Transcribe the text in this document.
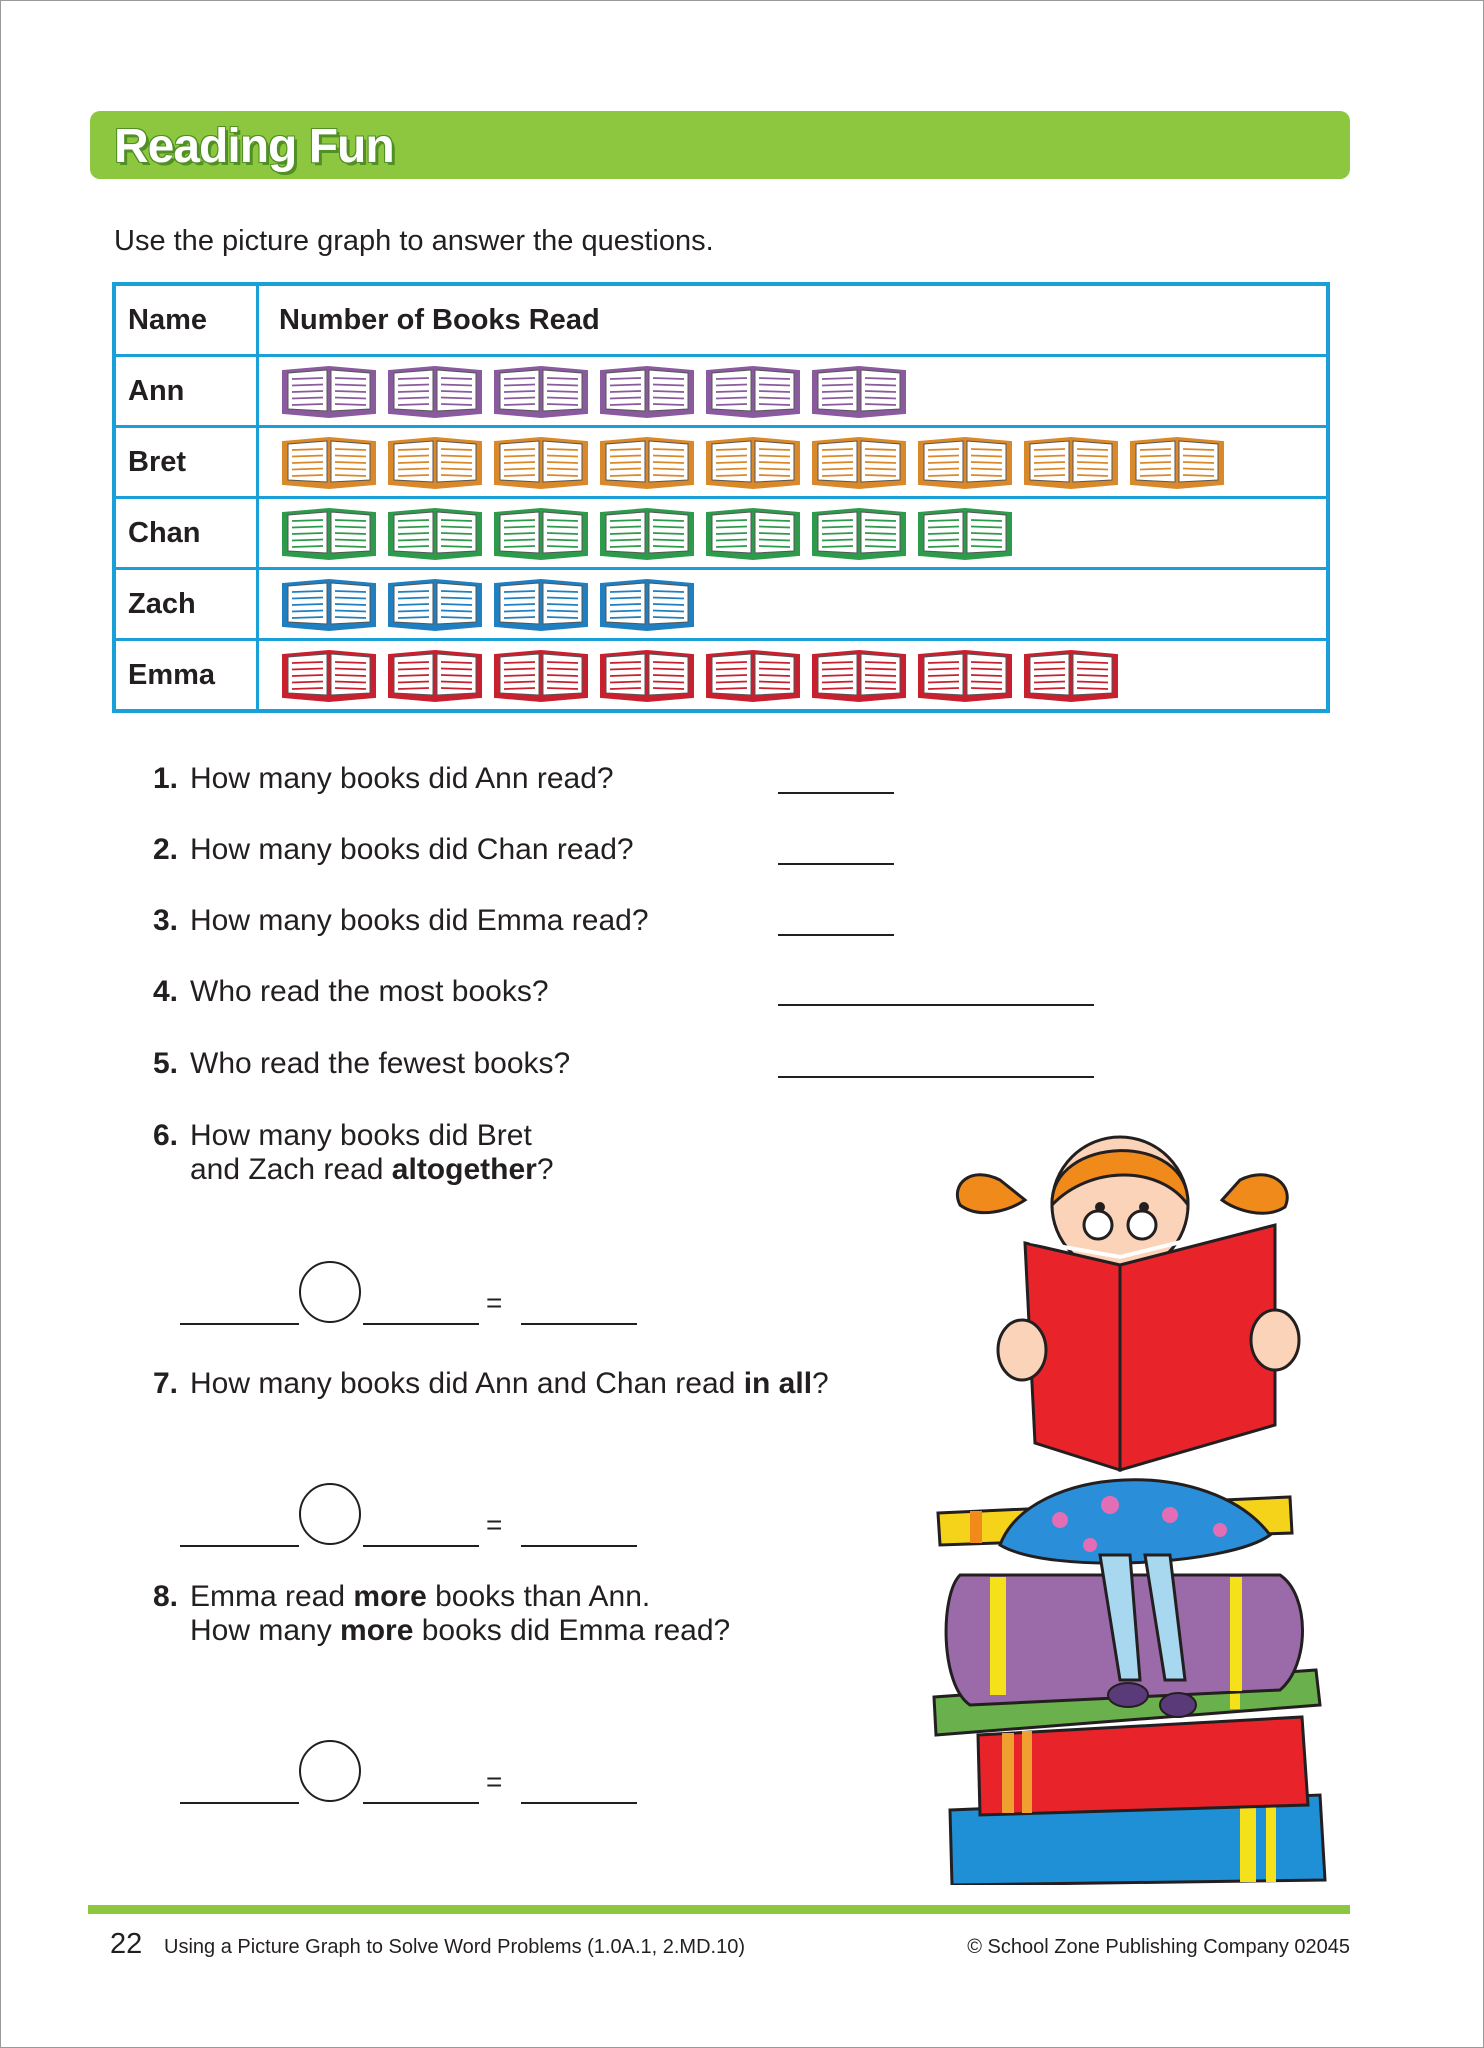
Reading Fun
Use the picture graph to answer the questions.
Name	Number of Books Read
Ann	

Bret	

Chan	

Zach	

Emma	
1. How many books did Ann read?
2. How many books did Chan read?
3. How many books did Emma read?
4. Who read the most books?
5. Who read the fewest books?
6. How many books did Bret
and Zach read altogether?
=
7. How many books did Ann and Chan read in all?
=
8. Emma read more books than Ann.
How many more books did Emma read?
=
22 Using a Picture Graph to Solve Word Problems (1.0A.1, 2.MD.10)	© School Zone Publishing Company 02045
